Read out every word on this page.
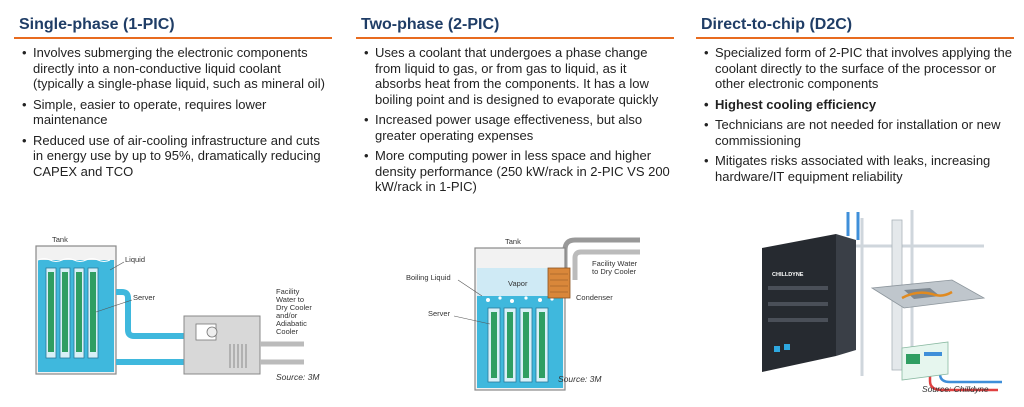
Single-phase (1-PIC)
• Involves submerging the electronic components directly into a non-conductive liquid coolant (typically a single-phase liquid, such as mineral oil)
• Simple, easier to operate, requires lower maintenance
• Reduced use of air-cooling infrastructure and cuts in energy use by up to 95%, dramatically reducing CAPEX and TCO
Two-phase (2-PIC)
• Uses a coolant that undergoes a phase change from liquid to gas, or from gas to liquid, as it absorbs heat from the components. It has a low boiling point and is designed to evaporate quickly
• Increased power usage effectiveness, but also greater operating expenses
• More computing power in less space and higher density performance (250 kW/rack in 2-PIC VS 200 kW/rack in 1-PIC)
Direct-to-chip (D2C)
• Specialized form of 2-PIC that involves applying the coolant directly to the surface of the processor or other electronic components
• Highest cooling efficiency
• Technicians are not needed for installation or new commissioning
• Mitigates risks associated with leaks, increasing hardware/IT equipment reliability
Tank
Liquid
Server
Facility
Water to
Dry Cooler
and/or
Adiabatic
Cooler
Source: 3M
Tank
Vapor
Boiling Liquid
Server
Facility Water
to Dry Cooler
Condenser
Source: 3M
CHILLDYNE
Source: Chilldyne
